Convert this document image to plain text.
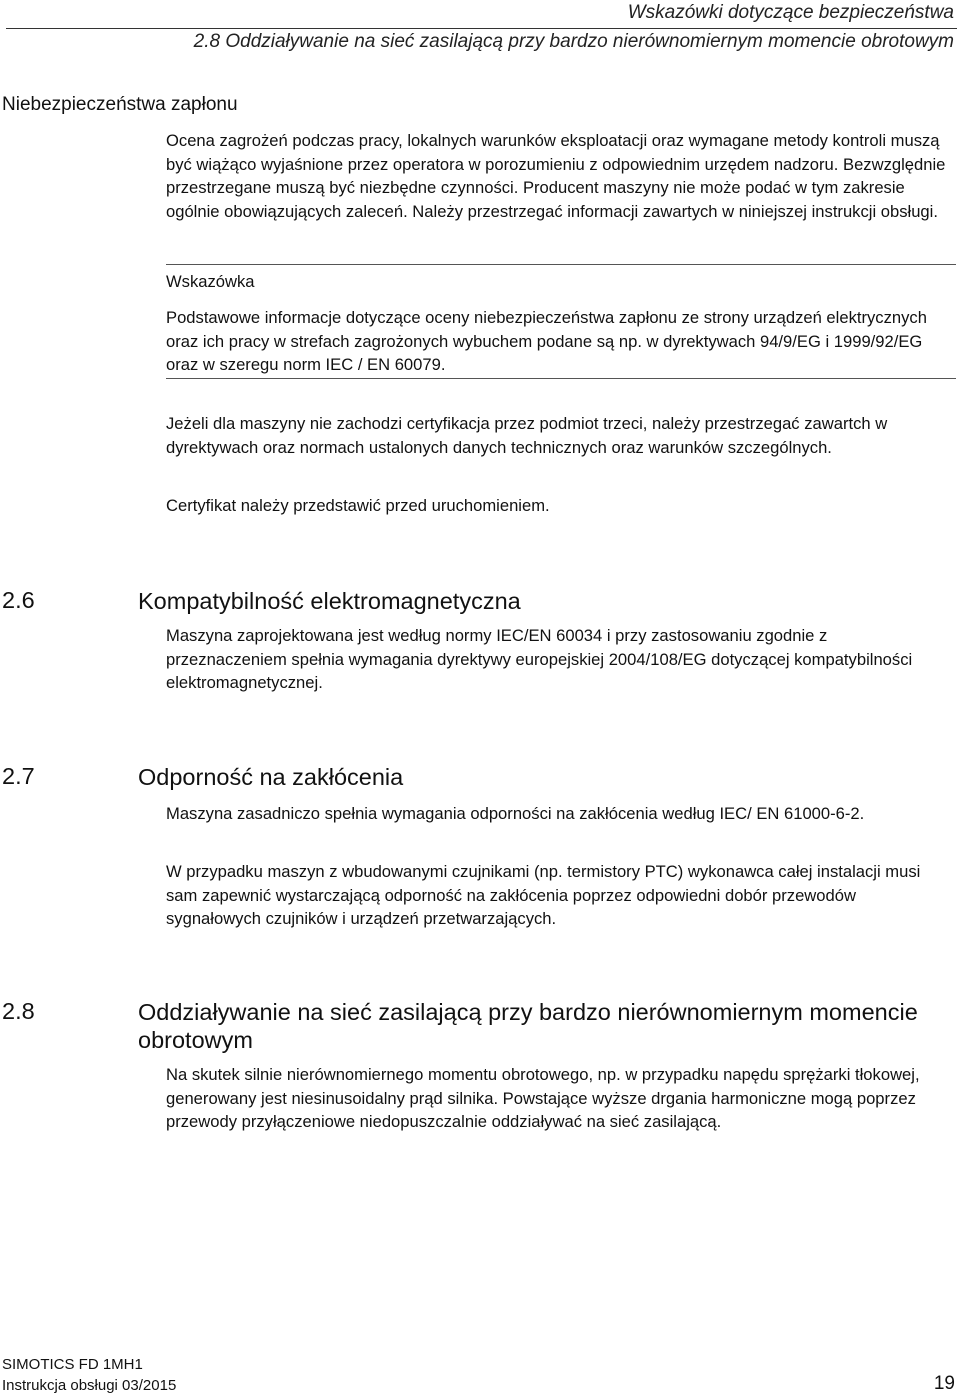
Wskazówki dotyczące bezpieczeństwa
2.8 Oddziaływanie na sieć zasilającą przy bardzo nierównomiernym momencie obrotowym
Niebezpieczeństwa zapłonu

Ocena zagrożeń podczas pracy, lokalnych warunków eksploatacji oraz wymagane metody kontroli muszą być wiążąco wyjaśnione przez operatora w porozumieniu z odpowiednim urzędem nadzoru. Bezwzględnie przestrzegane muszą być niezbędne czynności. Producent maszyny nie może podać w tym zakresie ogólnie obowiązujących zaleceń. Należy przestrzegać informacji zawartych w niniejszej instrukcji obsługi.

Wskazówka

Podstawowe informacje dotyczące oceny niebezpieczeństwa zapłonu ze strony urządzeń elektrycznych oraz ich pracy w strefach zagrożonych wybuchem podane są np. w dyrektywach 94/9/EG i 1999/92/EG oraz w szeregu norm IEC / EN 60079.

Jeżeli dla maszyny nie zachodzi certyfikacja przez podmiot trzeci, należy przestrzegać zawartch w dyrektywach oraz normach ustalonych danych technicznych oraz warunków szczególnych.

Certyfikat należy przedstawić przed uruchomieniem.

2.6	Kompatybilność elektromagnetyczna

Maszyna zaprojektowana jest według normy IEC/EN 60034 i przy zastosowaniu zgodnie z przeznaczeniem spełnia wymagania dyrektywy europejskiej 2004/108/EG dotyczącej kompatybilności elektromagnetycznej.

2.7	Odporność na zakłócenia

Maszyna zasadniczo spełnia wymagania odporności na zakłócenia według IEC/ EN 61000-6-2.

W przypadku maszyn z wbudowanymi czujnikami (np. termistory PTC) wykonawca całej instalacji musi sam zapewnić wystarczającą odporność na zakłócenia poprzez odpowiedni dobór przewodów sygnałowych czujników i urządzeń przetwarzających.

2.8	Oddziaływanie na sieć zasilającą przy bardzo nierównomiernym momencie obrotowym

Na skutek silnie nierównomiernego momentu obrotowego, np. w przypadku napędu sprężarki tłokowej, generowany jest niesinusoidalny prąd silnika. Powstające wyższe drgania harmoniczne mogą poprzez przewody przyłączeniowe niedopuszczalnie oddziaływać na sieć zasilającą.

SIMOTICS FD 1MH1
Instrukcja obsługi 03/2015	19
